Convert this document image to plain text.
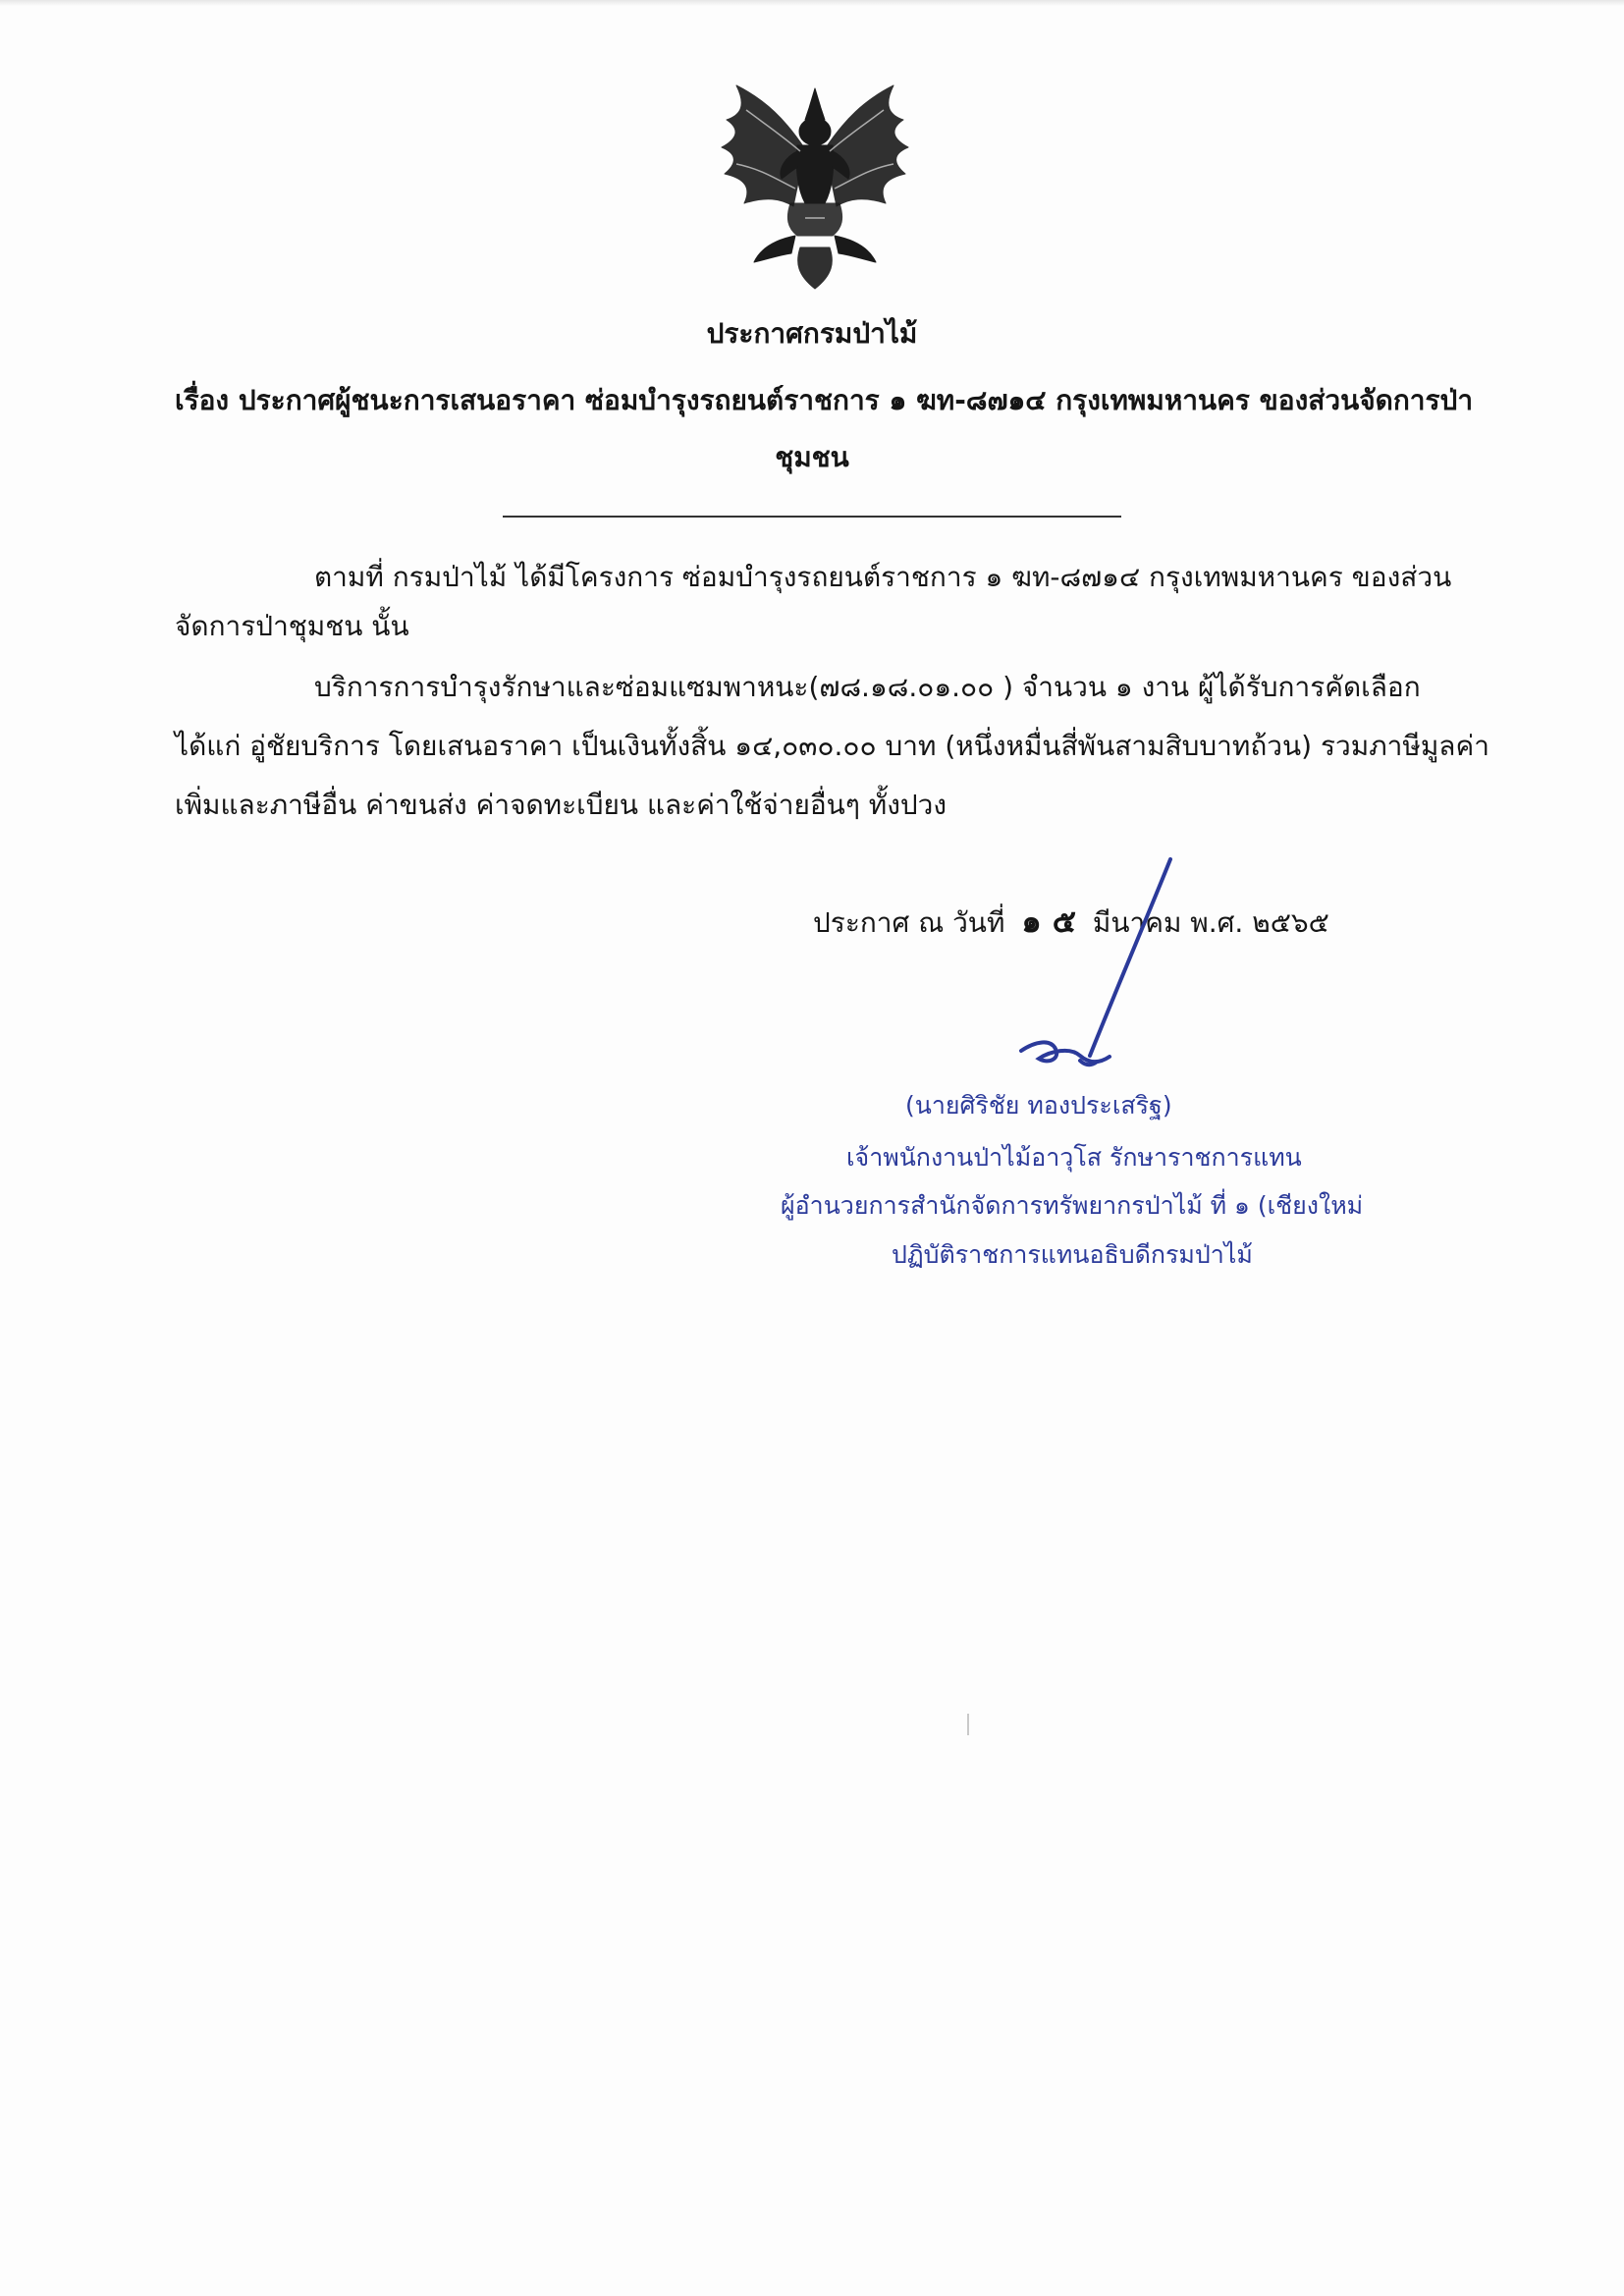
ประกาศกรมป่าไม้
เรื่อง ประกาศผู้ชนะการเสนอราคา ซ่อมบำรุงรถยนต์ราชการ ๑ ฆท-๘๗๑๔ กรุงเทพมหานคร ของส่วนจัดการป่า
ชุมชน
ตามที่ กรมป่าไม้ ได้มีโครงการ ซ่อมบำรุงรถยนต์ราชการ ๑ ฆท-๘๗๑๔ กรุงเทพมหานคร ของส่วน
จัดการป่าชุมชน นั้น
บริการการบำรุงรักษาและซ่อมแซมพาหนะ(๗๘.๑๘.๐๑.๐๐ ) จำนวน ๑ งาน ผู้ได้รับการคัดเลือก
ได้แก่ อู่ชัยบริการ โดยเสนอราคา เป็นเงินทั้งสิ้น ๑๔,๐๓๐.๐๐ บาท (หนึ่งหมื่นสี่พันสามสิบบาทถ้วน) รวมภาษีมูลค่า
เพิ่มและภาษีอื่น ค่าขนส่ง ค่าจดทะเบียน และค่าใช้จ่ายอื่นๆ ทั้งปวง
ประกาศ ณ วันที่ ๑ ๕ มีนาคม พ.ศ. ๒๕๖๕
(นายศิริชัย ทองประเสริฐ)
เจ้าพนักงานป่าไม้อาวุโส รักษาราชการแทน
ผู้อำนวยการสำนักจัดการทรัพยากรป่าไม้ ที่ ๑ (เชียงใหม่
ปฏิบัติราชการแทนอธิบดีกรมป่าไม้
